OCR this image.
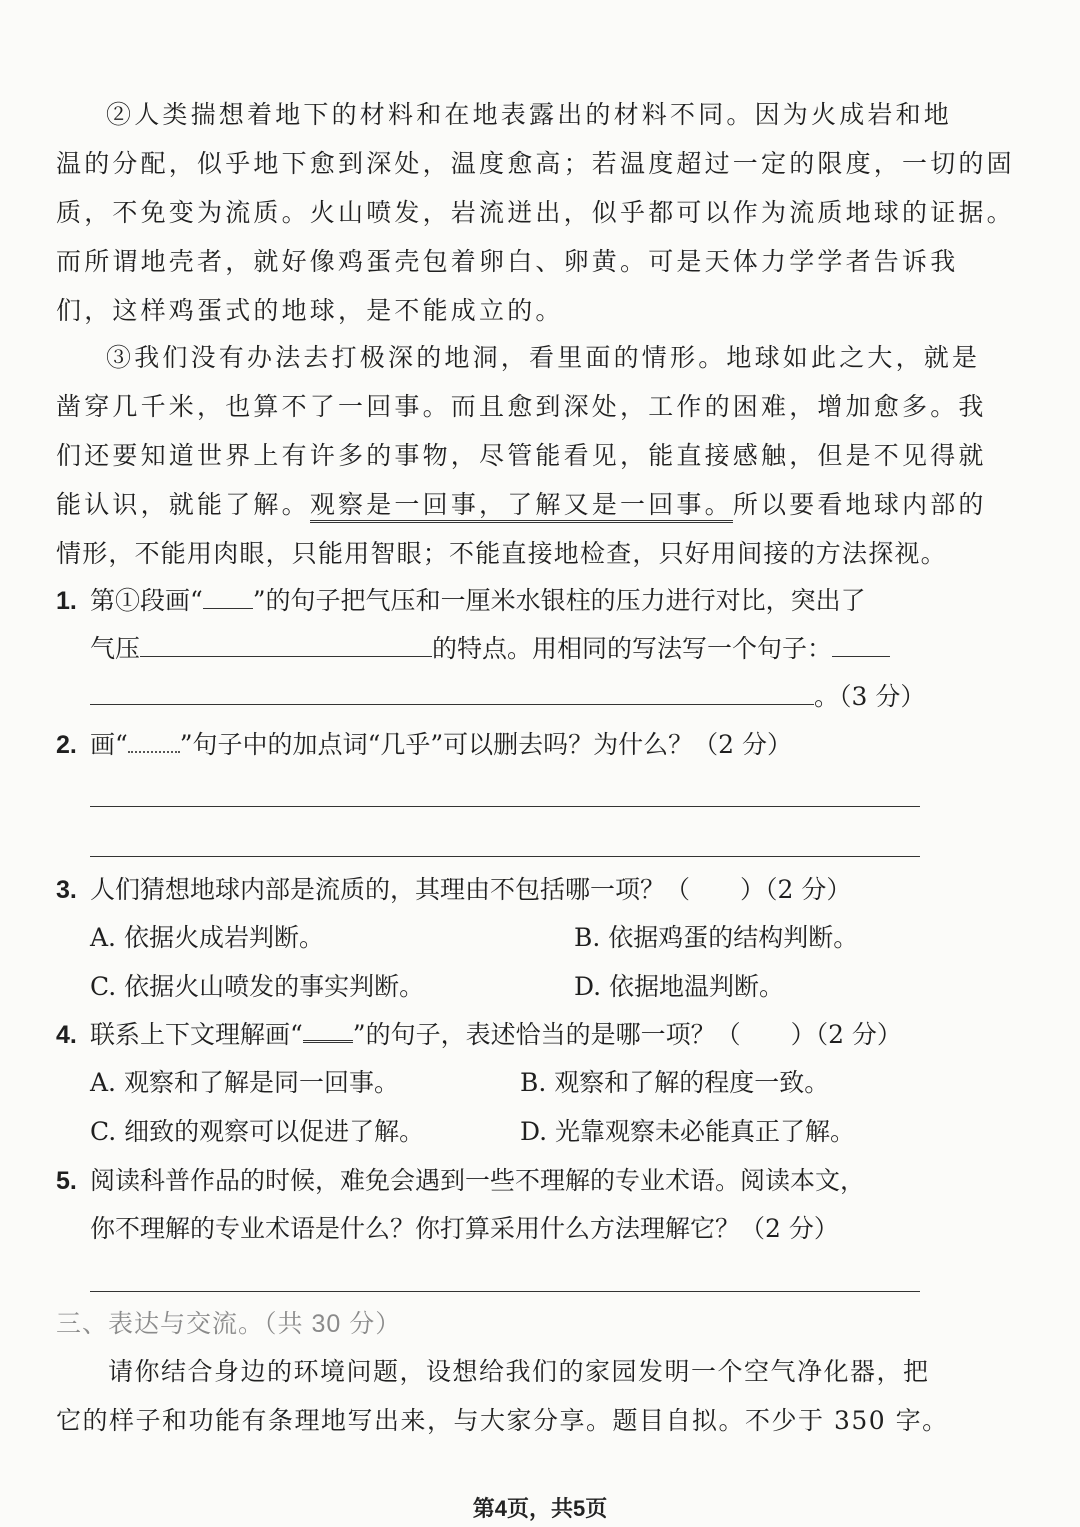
②人类揣想着地下的材料和在地表露出的材料不同。因为火成岩和地
温的分配，似乎地下愈到深处，温度愈高；若温度超过一定的限度，一切的固
质，不免变为流质。火山喷发，岩流迸出，似乎都可以作为流质地球的证据。
而所谓地壳者，就好像鸡蛋壳包着卵白、卵黄。可是天体力学学者告诉我
们，这样鸡蛋式的地球，是不能成立的。
③我们没有办法去打极深的地洞，看里面的情形。地球如此之大，就是
凿穿几千米，也算不了一回事。而且愈到深处，工作的困难，增加愈多。我
们还要知道世界上有许多的事物，尽管能看见，能直接感触，但是不见得就
能认识，就能了解。观察是一回事，了解又是一回事。所以要看地球内部的
情形，不能用肉眼，只能用智眼；不能直接地检查，只好用间接的方法探视。
1. 第①段画“ ”的句子把气压和一厘米水银柱的压力进行对比，突出了
气压	的特点。用相同的写法写一个句子：
。（3 分）
2. 画“ ”句子中的加点词“几乎”可以删去吗？为什么？（2 分）
3. 人们猜想地球内部是流质的，其理由不包括哪一项？（　　）（2 分）
A. 依据火成岩判断。	B. 依据鸡蛋的结构判断。
C. 依据火山喷发的事实判断。	D. 依据地温判断。
4. 联系上下文理解画“ ”的句子，表述恰当的是哪一项？（　　）（2 分）
A. 观察和了解是同一回事。	B. 观察和了解的程度一致。
C. 细致的观察可以促进了解。	D. 光靠观察未必能真正了解。
5. 阅读科普作品的时候，难免会遇到一些不理解的专业术语。阅读本文，
你不理解的专业术语是什么？你打算采用什么方法理解它？（2 分）
三、表达与交流。（共 30 分）
请你结合身边的环境问题，设想给我们的家园发明一个空气净化器，把
它的样子和功能有条理地写出来，与大家分享。题目自拟。不少于 350 字。
第4页，共5页
